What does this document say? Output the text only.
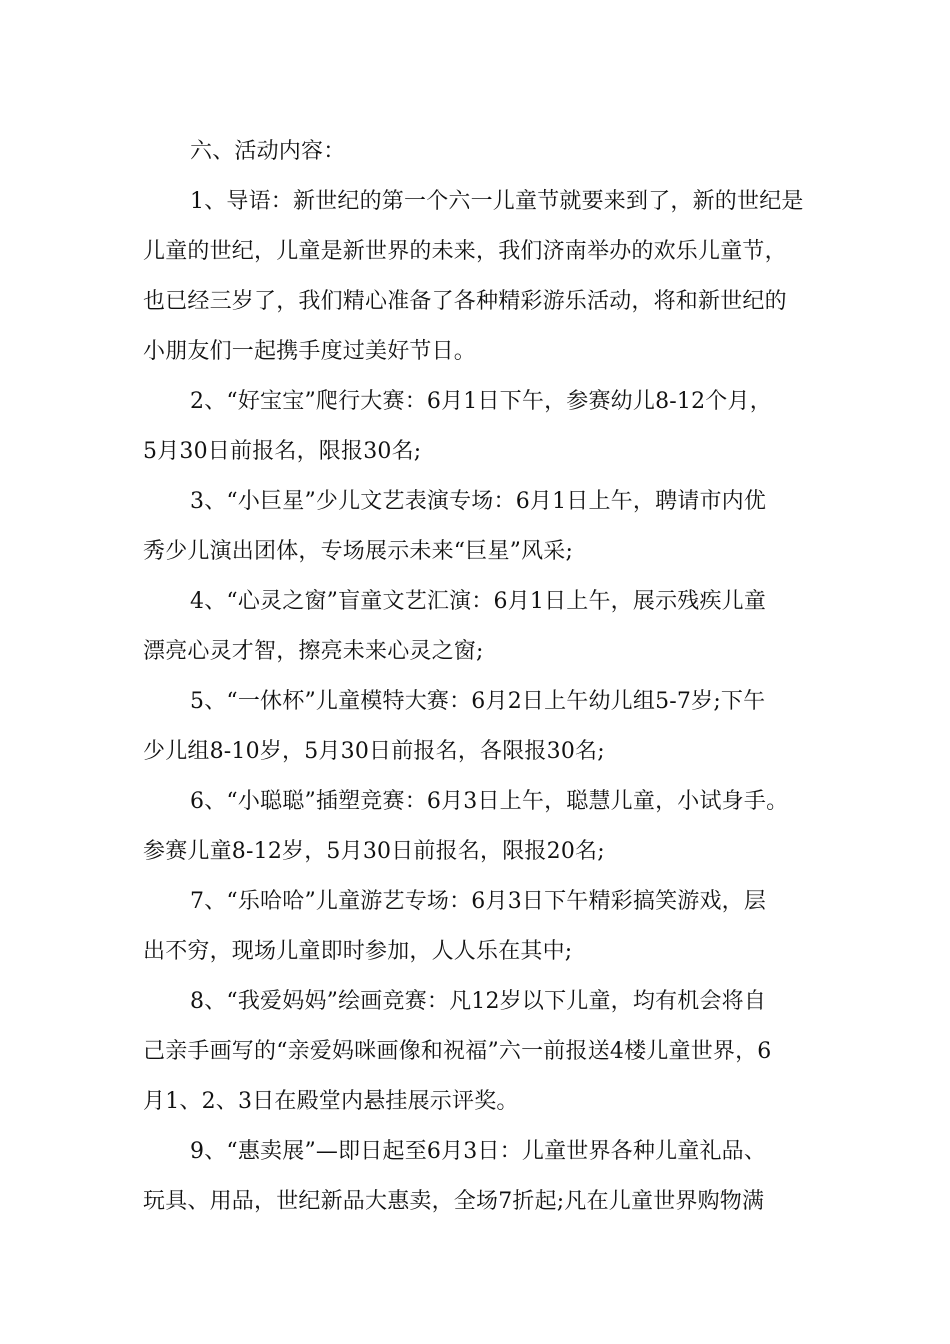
六、活动内容：
1、导语：新世纪的第一个六一儿童节就要来到了，新的世纪是
儿童的世纪，儿童是新世界的未来，我们济南举办的欢乐儿童节，
也已经三岁了，我们精心准备了各种精彩游乐活动，将和新世纪的
小朋友们一起携手度过美好节日。
2、“好宝宝”爬行大赛：6月1日下午，参赛幼儿8-12个月，
5月30日前报名，限报30名;
3、“小巨星”少儿文艺表演专场：6月1日上午，聘请市内优
秀少儿演出团体，专场展示未来“巨星”风采;
4、“心灵之窗”盲童文艺汇演：6月1日上午，展示残疾儿童
漂亮心灵才智，擦亮未来心灵之窗;
5、“一休杯”儿童模特大赛：6月2日上午幼儿组5-7岁;下午
少儿组8-10岁，5月30日前报名，各限报30名;
6、“小聪聪”插塑竞赛：6月3日上午，聪慧儿童，小试身手。
参赛儿童8-12岁，5月30日前报名，限报20名;
7、“乐哈哈”儿童游艺专场：6月3日下午精彩搞笑游戏，层
出不穷，现场儿童即时参加，人人乐在其中;
8、“我爱妈妈”绘画竞赛：凡12岁以下儿童，均有机会将自
己亲手画写的“亲爱妈咪画像和祝福”六一前报送4楼儿童世界，6
月1、2、3日在殿堂内悬挂展示评奖。
9、“惠卖展”—即日起至6月3日：儿童世界各种儿童礼品、
玩具、用品，世纪新品大惠卖，全场7折起;凡在儿童世界购物满
